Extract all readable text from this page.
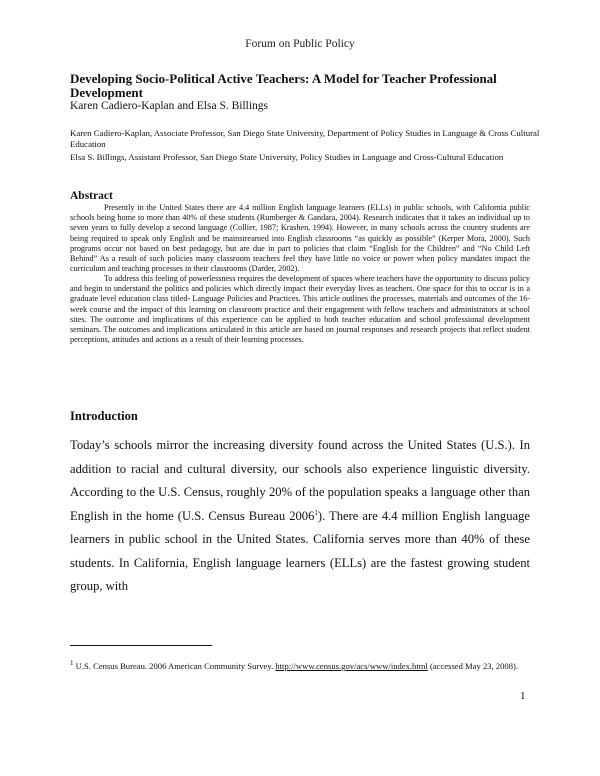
Forum on Public Policy
Developing Socio-Political Active Teachers: A Model for Teacher Professional Development
Karen Cadiero-Kaplan and Elsa S. Billings
Karen Cadiero-Kaplan, Associate Professor, San Diego State University, Department of Policy Studies in Language & Cross Cultural Education
Elsa S. Billings, Assistant Professor, San Diego State University, Policy Studies in Language and Cross-Cultural Education
Abstract

Presently in the United States there are 4.4 million English language learners (ELLs) in public schools, with California public schools being home to more than 40% of these students (Rumberger & Gandara, 2004). Research indicates that it takes an individual up to seven years to fully develop a second language (Collier, 1987; Krashen, 1994). However, in many schools across the country students are being required to speak only English and be mainstreamed into English classrooms “as quickly as possible” (Kerper Mora, 2000). Such programs occur not based on best pedagogy, but are due in part to policies that claim “English for the Children” and “No Child Left Behind” As a result of such policies many classroom teachers feel they have little no voice or power when policy mandates impact the curriculum and teaching processes in their classrooms (Darder, 2002).

To address this feeling of powerlessness requires the development of spaces where teachers have the opportunity to discuss policy and begin to understand the politics and policies which directly impact their everyday lives as teachers. One space for this to occur is in a graduate level education class titled- Language Policies and Practices. This article outlines the processes, materials and outcomes of the 16-week course and the impact of this learning on classroom practice and their engagement with fellow teachers and administrators at school sites. The outcome and implications of this experience can be applied to both teacher education and school professional development seminars. The outcomes and implications articulated in this article are based on journal responses and research projects that reflect student perceptions, attitudes and actions as a result of their learning processes.

Introduction

Today’s schools mirror the increasing diversity found across the United States (U.S.). In addition to racial and cultural diversity, our schools also experience linguistic diversity. According to the U.S. Census, roughly 20% of the population speaks a language other than English in the home (U.S. Census Bureau 2006$^1$). There are 4.4 million English language learners in public school in the United States. California serves more than 40% of these students. In California, English language learners (ELLs) are the fastest growing student group, with

$^1$ U.S. Census Bureau. 2006 American Community Survey. http://www.census.gov/acs/www/index.html (accessed May 23, 2008).
1
